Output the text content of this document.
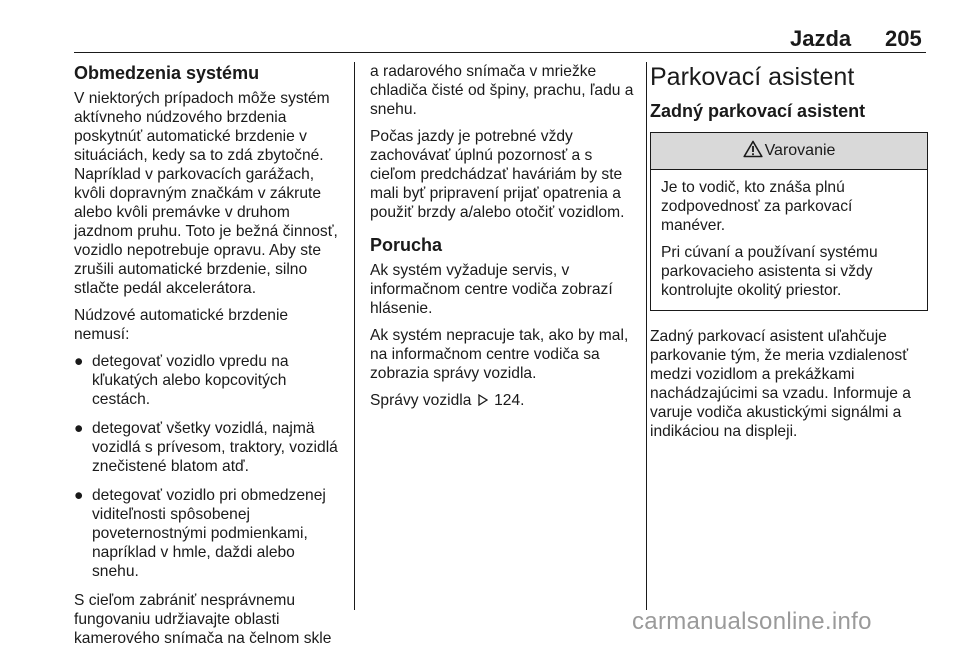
Jazda 205
Obmedzenia systému

V niektorých prípadoch môže systém aktívneho núdzového brzdenia poskytnúť automatické brzdenie v situáciách, kedy sa to zdá zbytočné. Napríklad v parkovacích garážach, kvôli dopravným značkám v zákrute alebo kvôli premávke v druhom jazdnom pruhu. Toto je bežná činnosť, vozidlo nepotrebuje opravu. Aby ste zrušili automatické brzdenie, silno stlačte pedál akcelerátora.

Núdzové automatické brzdenie nemusí:

● detegovať vozidlo vpredu na kľukatých alebo kopcovitých cestách.
● detegovať všetky vozidlá, najmä vozidlá s prívesom, traktory, vozidlá znečistené blatom atď.
● detegovať vozidlo pri obmedzenej viditeľnosti spôsobenej poveternostnými podmienkami, napríklad v hmle, daždi alebo snehu.

S cieľom zabrániť nesprávnemu fungovaniu udržiavajte oblasti kamerového snímača na čelnom skle

a radarového snímača v mriežke chladiča čisté od špiny, prachu, ľadu a snehu.

Počas jazdy je potrebné vždy zachovávať úplnú pozornosť a s cieľom predchádzať haváriám by ste mali byť pripravení prijať opatrenia a použiť brzdy a/alebo otočiť vozidlom.

Porucha

Ak systém vyžaduje servis, v informačnom centre vodiča zobrazí hlásenie.

Ak systém nepracuje tak, ako by mal, na informačnom centre vodiča sa zobrazia správy vozidla.

Správy vozidla 124.

Parkovací asistent
Zadný parkovací asistent
Varovanie

Je to vodič, kto znáša plnú zodpovednosť za parkovací manéver.

Pri cúvaní a používaní systému parkovacieho asistenta si vždy kontrolujte okolitý priestor.

Zadný parkovací asistent uľahčuje parkovanie tým, že meria vzdialenosť medzi vozidlom a prekážkami nachádzajúcimi sa vzadu. Informuje a varuje vodiča akustickými signálmi a indikáciou na displeji.

carmanualsonline.info
